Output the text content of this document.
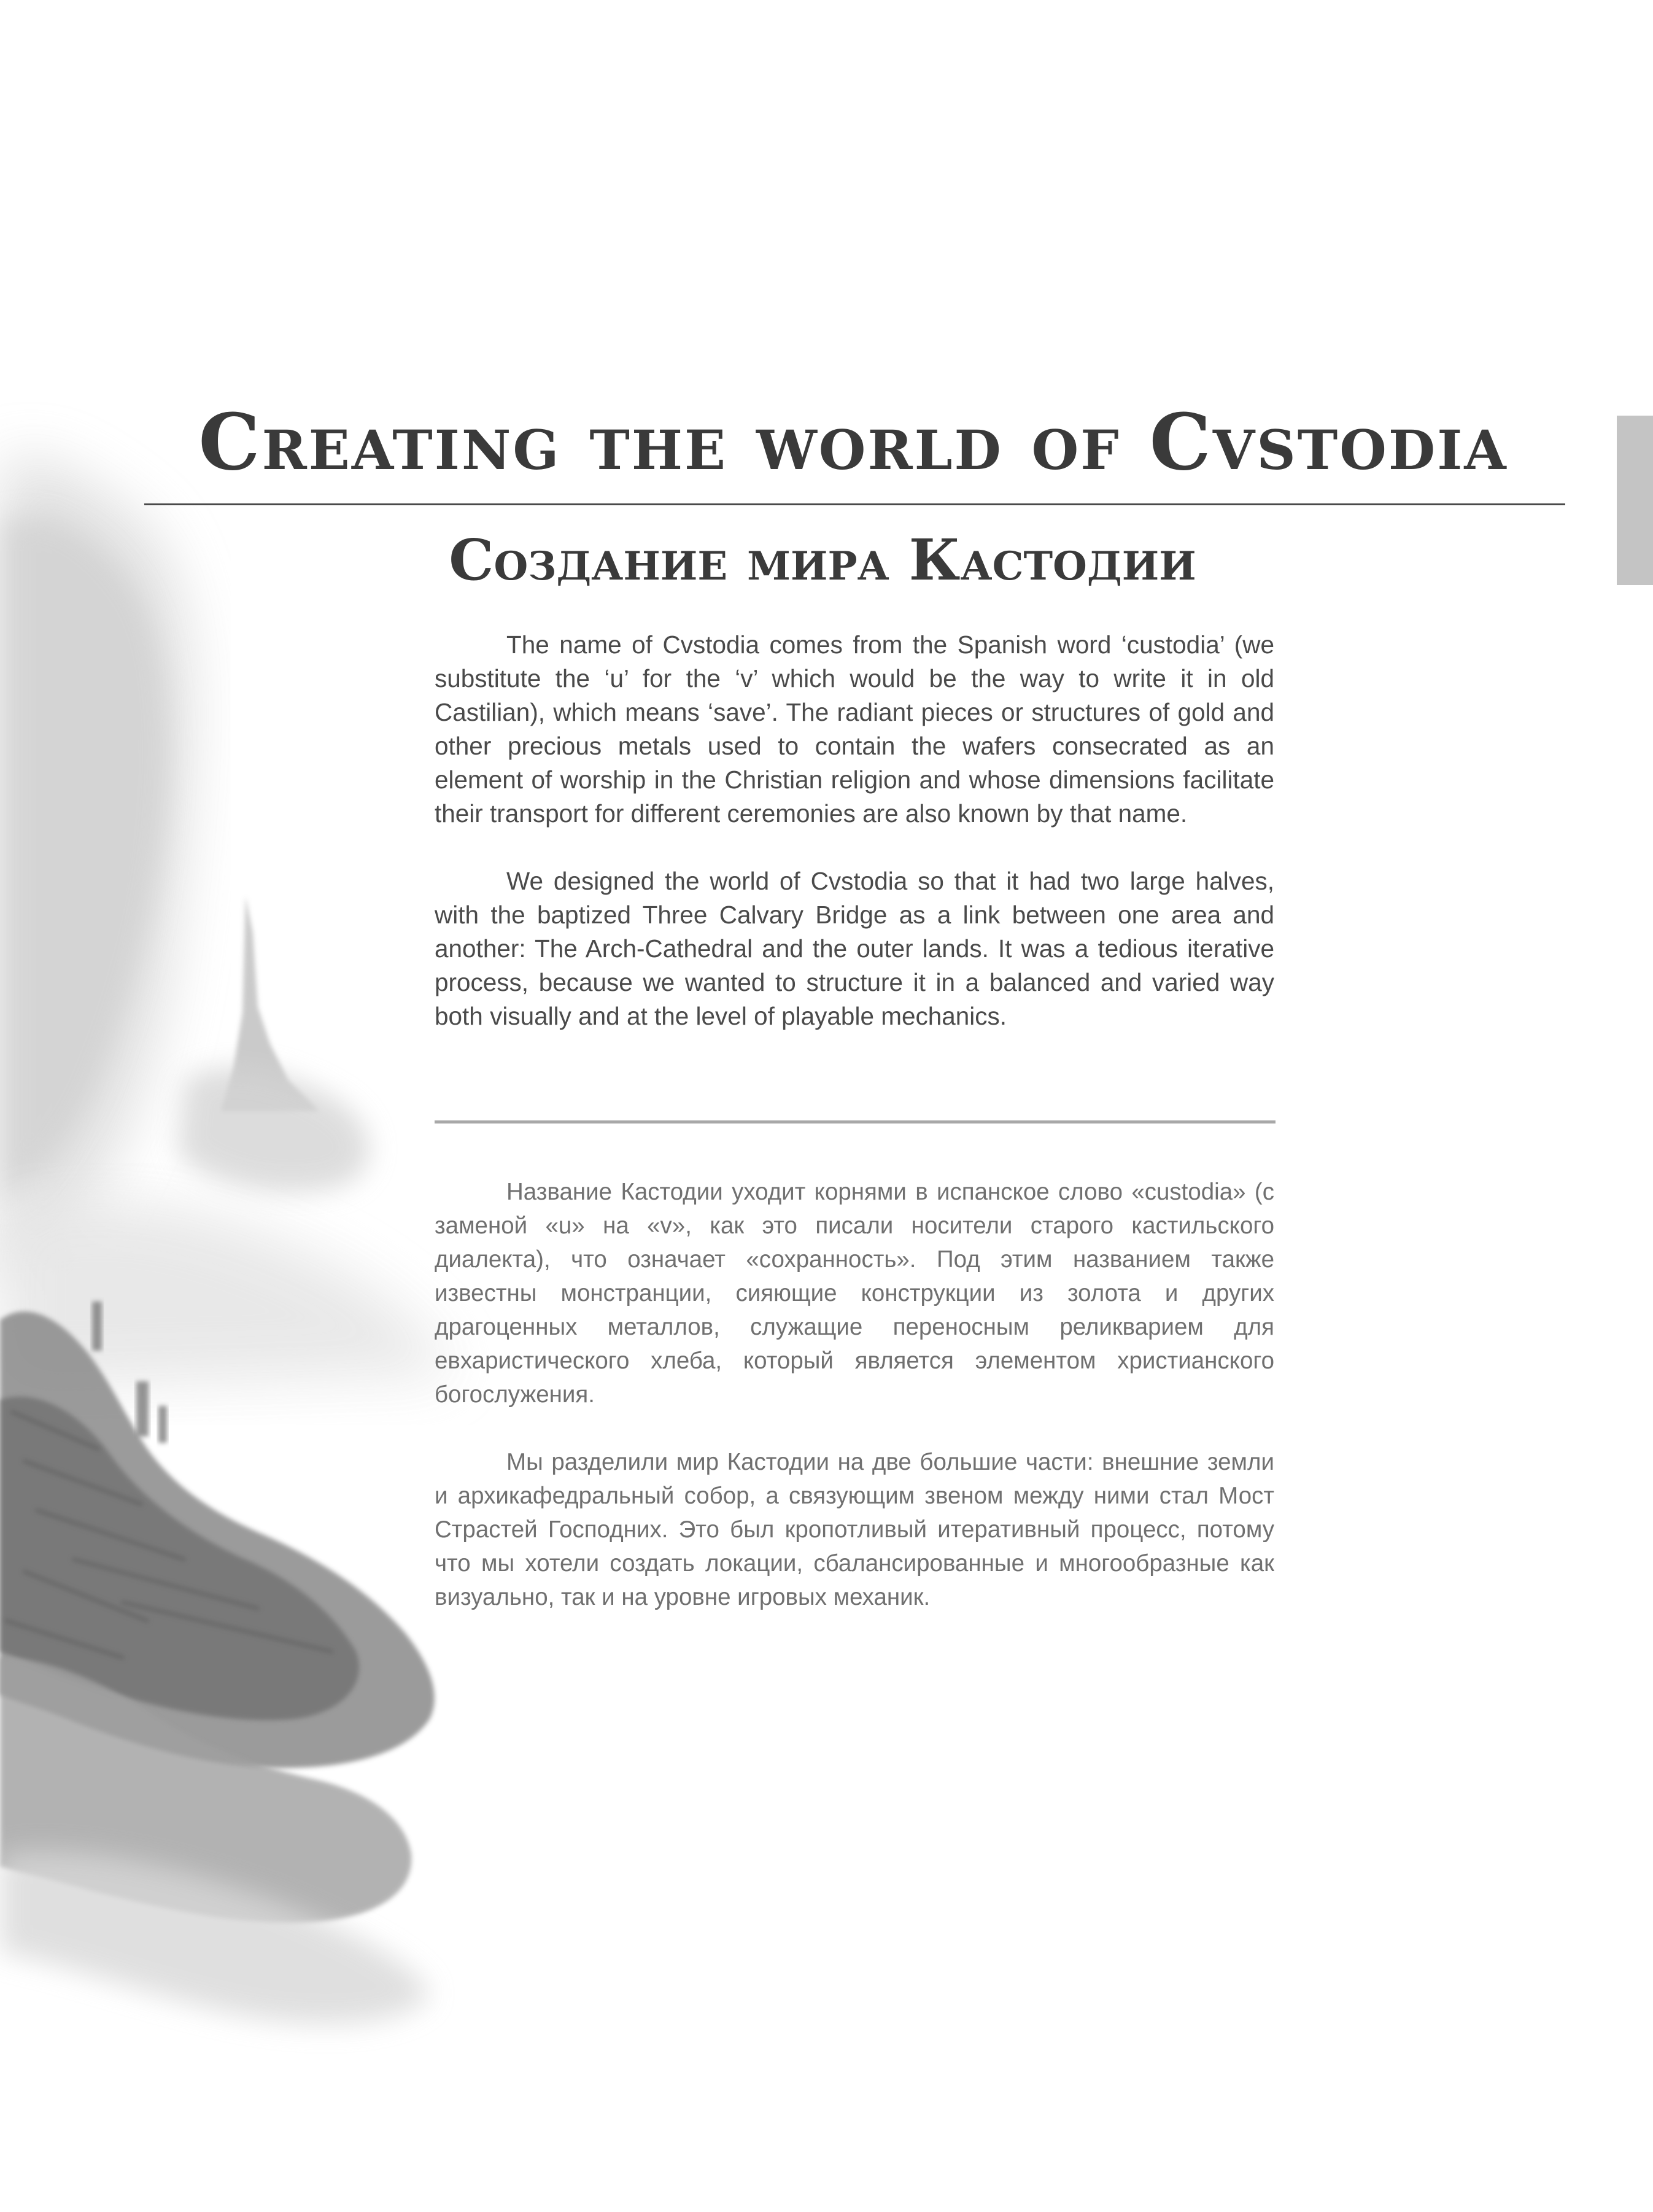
Creating the world of Cvstodia
Создание мира Кастодии

The name of Cvstodia comes from the Spanish word ‘custodia’ (we substitute the ‘u’ for the ‘v’ which would be the way to write it in old Castilian), which means ‘save’. The radiant pieces or structures of gold and other precious metals used to contain the wafers consecrated as an element of worship in the Christian religion and whose dimensions facilitate their transport for different ceremonies are also known by that name.

We designed the world of Cvstodia so that it had two large halves, with the baptized Three Calvary Bridge as a link between one area and another: The Arch-Cathedral and the outer lands. It was a tedious iterative process, because we wanted to structure it in a balanced and varied way both visually and at the level of playable mechanics.

Название Кастодии уходит корнями в испанское слово «custodia» (с заменой «u» на «v», как это писали носители старого кастильского диалекта), что означает «сохранность». Под этим названием также известны монстранции, сияющие конструкции из золота и других драгоценных металлов, служащие переносным реликварием для евхаристического хлеба, который является элементом христианского богослужения.

Мы разделили мир Кастодии на две большие части: внешние земли и архикафедральный собор, а связующим звеном между ними стал Мост Страстей Господних. Это был кропотливый итеративный процесс, потому что мы хотели создать локации, сбалансированные и многообразные как визуально, так и на уровне игровых механик.
